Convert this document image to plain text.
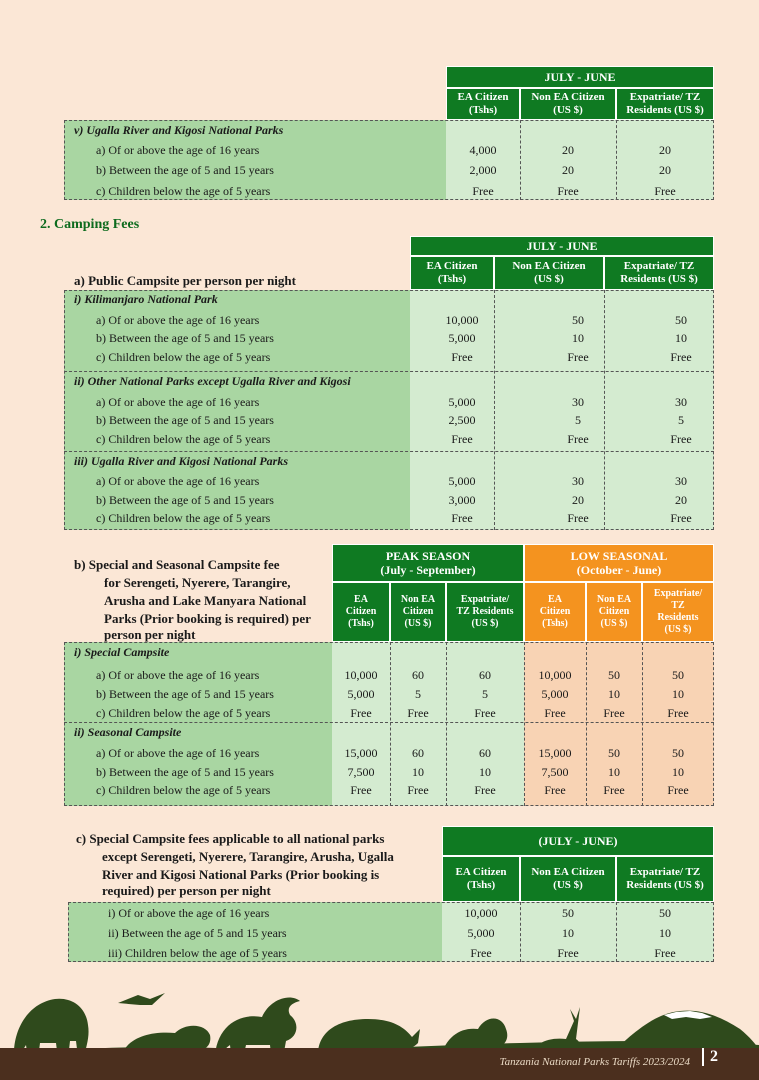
JULY - JUNE
EA Citizen
(Tshs)
Non EA Citizen
(US $)
Expatriate/ TZ
Residents (US $)
v) Ugalla River and Kigosi National Parks
a) Of or above the age of 16 years	4,000	20	20
b) Between the age of 5 and 15 years	2,000	20	20
c) Children below the age of 5 years	Free	Free	Free
2. Camping Fees
JULY - JUNE
EA Citizen
(Tshs)
Non EA Citizen
(US $)
Expatriate/ TZ
Residents (US $)
a) Public Campsite per person per night
i) Kilimanjaro National Park
a) Of or above the age of 16 years	10,000	50	50
b) Between the age of 5 and 15 years	5,000	10	10
c) Children below the age of 5 years	Free	Free	Free
ii) Other National Parks except Ugalla River and Kigosi
a) Of or above the age of 16 years	5,000	30	30
b) Between the age of 5 and 15 years	2,500	5	5
c) Children below the age of 5 years	Free	Free	Free
iii) Ugalla River and Kigosi National Parks
a) Of or above the age of 16 years	5,000	30	30
b) Between the age of 5 and 15 years	3,000	20	20
c) Children below the age of 5 years	Free	Free	Free
b) Special and Seasonal Campsite fee
for Serengeti, Nyerere, Tarangire,
Arusha and Lake Manyara National
Parks (Prior booking is required) per
person per night
PEAK SEASON
(July - September)
LOW SEASONAL
(October - June)
EA
Citizen
(Tshs)
Non EA
Citizen
(US $)
Expatriate/
TZ Residents
(US $)
EA
Citizen
(Tshs)
Non EA
Citizen
(US $)
Expatriate/
TZ
Residents
(US $)
i) Special Campsite
a) Of or above the age of 16 years	10,000	60	60	10,000	50	50
b) Between the age of 5 and 15 years	5,000	5	5	5,000	10	10
c) Children below the age of 5 years	Free	Free	Free	Free	Free	Free
ii) Seasonal Campsite
a) Of or above the age of 16 years	15,000	60	60	15,000	50	50
b) Between the age of 5 and 15 years	7,500	10	10	7,500	10	10
c) Children below the age of 5 years	Free	Free	Free	Free	Free	Free
c) Special Campsite fees applicable to all national parks
except Serengeti, Nyerere, Tarangire, Arusha, Ugalla
River and Kigosi National Parks (Prior booking is
required) per person per night
(JULY - JUNE)
EA Citizen
(Tshs)
Non EA Citizen
(US $)
Expatriate/ TZ
Residents (US $)
i) Of or above the age of 16 years	10,000	50	50
ii) Between the age of 5 and 15 years	5,000	10	10
iii) Children below the age of 5 years	Free	Free	Free
Tanzania National Parks Tariffs 2023/2024	2
